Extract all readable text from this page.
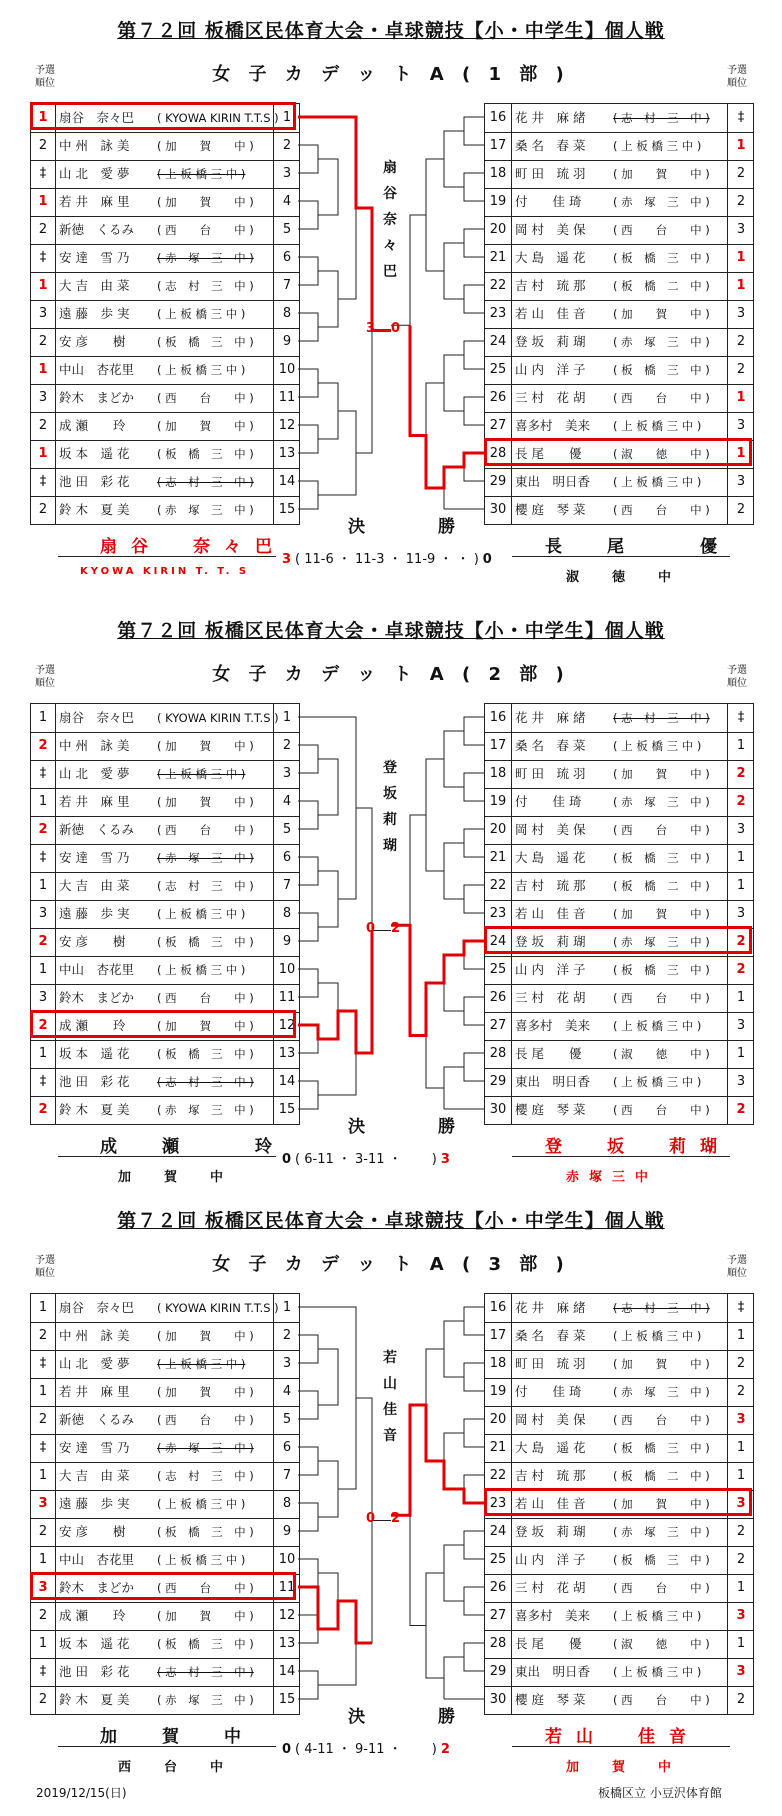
第７２回 板橋区民体育大会・卓球競技【小・中学生】個人戦
女 子 カ デ ッ ト A ( 1 部 )
予選
順位
予選
順位
1 扇谷　奈々巴 ( KYOWA KIRIN T.T.S ) 1
2 中 州　詠 美 ( 加　　賀　　中 )	2
‡	山 北　愛 夢 ( 上 板 橋 三 中 )	3
1 若 井　麻 里 ( 加　　賀　　中 )	4
2 新徳　くるみ ( 西　　台　　中 )	5
‡	安 達　雪 乃 ( 赤　塚　三　中 )	6
1 大 吉　由 菜 ( 志　村　三　中 )	7
3 遠 藤　歩 実 ( 上 板 橋 三 中 )	8
2 安 彦　　樹	( 板　橋　三　中 )	9
1 中山　杏花里 ( 上 板 橋 三 中 )	10
3 鈴木　まどか ( 西　　台　　中 )	11
2 成 瀬　　玲	( 加　　賀　　中 )	12
1 坂 本　遥 花 ( 板　橋　三　中 )	13
‡	池 田　彩 花 ( 志　村　三　中 )	14
2 鈴 木　夏 美 ( 赤　塚　三　中 )	15
16 花 井　麻 緒 ( 志　村　三　中 )	‡
17 桑 名　春 菜 ( 上 板 橋 三 中 )	1
18 町 田　琉 羽 ( 加　　賀　　中 )	2
19 付　　佳 琦	( 赤　塚　三　中 )	2
20 岡 村　美 保 ( 西　　台　　中 )	3
21 大 島　遥 花 ( 板　橋　三　中 )	1
22 吉 村　琉 那 ( 板　橋　二　中 )	1
23 若 山　佳 音 ( 加　　賀　　中 )	3
24 登 坂　莉 瑚 ( 赤　塚　三　中 )	2
25 山 内　洋 子 ( 板　橋　三　中 )	2
26 三 村　花 胡 ( 西　　台　　中 )	1
27 喜多村　美来 ( 上 板 橋 三 中 )	3
28 長 尾　　優	( 淑　　徳　　中 )	1
29 東出　明日香 ( 上 板 橋 三 中 )	3
30 櫻 庭　琴 菜 ( 西　　台　　中 )	2
扇
谷
奈
々
巴
3 0
決　勝
扇谷　奈々巴	長　尾　　優
3 ( 11-6 ・ 11-3 ・ 11-9 ・ ・ ) 0
KYOWA KIRIN T. T. S	淑　徳　中
第７２回 板橋区民体育大会・卓球競技【小・中学生】個人戦
女 子 カ デ ッ ト A ( 2 部 )
予選
順位
予選
順位
1 扇谷　奈々巴 ( KYOWA KIRIN T.T.S ) 1
2 中 州　詠 美 ( 加　　賀　　中 )	2
‡	山 北　愛 夢 ( 上 板 橋 三 中 )	3
1 若 井　麻 里 ( 加　　賀　　中 )	4
2 新徳　くるみ ( 西　　台　　中 )	5
‡	安 達　雪 乃 ( 赤　塚　三　中 )	6
1 大 吉　由 菜 ( 志　村　三　中 )	7
3 遠 藤　歩 実 ( 上 板 橋 三 中 )	8
2 安 彦　　樹	( 板　橋　三　中 )	9
1 中山　杏花里 ( 上 板 橋 三 中 )	10
3 鈴木　まどか ( 西　　台　　中 )	11
2 成 瀬　　玲	( 加　　賀　　中 )	12
1 坂 本　遥 花 ( 板　橋　三　中 )	13
‡	池 田　彩 花 ( 志　村　三　中 )	14
2 鈴 木　夏 美 ( 赤　塚　三　中 )	15
16 花 井　麻 緒 ( 志　村　三　中 )	‡
17 桑 名　春 菜 ( 上 板 橋 三 中 )	1
18 町 田　琉 羽 ( 加　　賀　　中 )	2
19 付　　佳 琦	( 赤　塚　三　中 )	2
20 岡 村　美 保 ( 西　　台　　中 )	3
21 大 島　遥 花 ( 板　橋　三　中 )	1
22 吉 村　琉 那 ( 板　橋　二　中 )	1
23 若 山　佳 音 ( 加　　賀　　中 )	3
24 登 坂　莉 瑚 ( 赤　塚　三　中 )	2
25 山 内　洋 子 ( 板　橋　三　中 )	2
26 三 村　花 胡 ( 西　　台　　中 )	1
27 喜多村　美来 ( 上 板 橋 三 中 )	3
28 長 尾　　優	( 淑　　徳　　中 )	1
29 東出　明日香 ( 上 板 橋 三 中 )	3
30 櫻 庭　琴 菜 ( 西　　台　　中 )	2
登
坂
莉
瑚
0 2
決　勝
成　瀬　　玲	登　坂　莉瑚
0 ( 6-11 ・ 3-11 ・　　 ) 3
加　賀　中	赤塚三中
第７２回 板橋区民体育大会・卓球競技【小・中学生】個人戦
女 子 カ デ ッ ト A ( 3 部 )
予選
順位
予選
順位
1 扇谷　奈々巴 ( KYOWA KIRIN T.T.S ) 1
2 中 州　詠 美 ( 加　　賀　　中 )	2
‡	山 北　愛 夢 ( 上 板 橋 三 中 )	3
1 若 井　麻 里 ( 加　　賀　　中 )	4
2 新徳　くるみ ( 西　　台　　中 )	5
‡	安 達　雪 乃 ( 赤　塚　三　中 )	6
1 大 吉　由 菜 ( 志　村　三　中 )	7
3 遠 藤　歩 実 ( 上 板 橋 三 中 )	8
2 安 彦　　樹	( 板　橋　三　中 )	9
1 中山　杏花里 ( 上 板 橋 三 中 )	10
3 鈴木　まどか ( 西　　台　　中 )	11
2 成 瀬　　玲	( 加　　賀　　中 )	12
1 坂 本　遥 花 ( 板　橋　三　中 )	13
‡	池 田　彩 花 ( 志　村　三　中 )	14
2 鈴 木　夏 美 ( 赤　塚　三　中 )	15
16 花 井　麻 緒 ( 志　村　三　中 )	‡
17 桑 名　春 菜 ( 上 板 橋 三 中 )	1
18 町 田　琉 羽 ( 加　　賀　　中 )	2
19 付　　佳 琦	( 赤　塚　三　中 )	2
20 岡 村　美 保 ( 西　　台　　中 )	3
21 大 島　遥 花 ( 板　橋　三　中 )	1
22 吉 村　琉 那 ( 板　橋　二　中 )	1
23 若 山　佳 音 ( 加　　賀　　中 )	3
24 登 坂　莉 瑚 ( 赤　塚　三　中 )	2
25 山 内　洋 子 ( 板　橋　三　中 )	2
26 三 村　花 胡 ( 西　　台　　中 )	1
27 喜多村　美来 ( 上 板 橋 三 中 )	3
28 長 尾　　優	( 淑　　徳　　中 )	1
29 東出　明日香 ( 上 板 橋 三 中 )	3
30 櫻 庭　琴 菜 ( 西　　台　　中 )	2
若
山
佳
音
0 2
決　勝
加　賀　中	若山　佳音
0 ( 4-11 ・ 9-11 ・　　 ) 2
西　台　中	加　賀　中
2019/12/15(日)	板橋区立 小豆沢体育館
